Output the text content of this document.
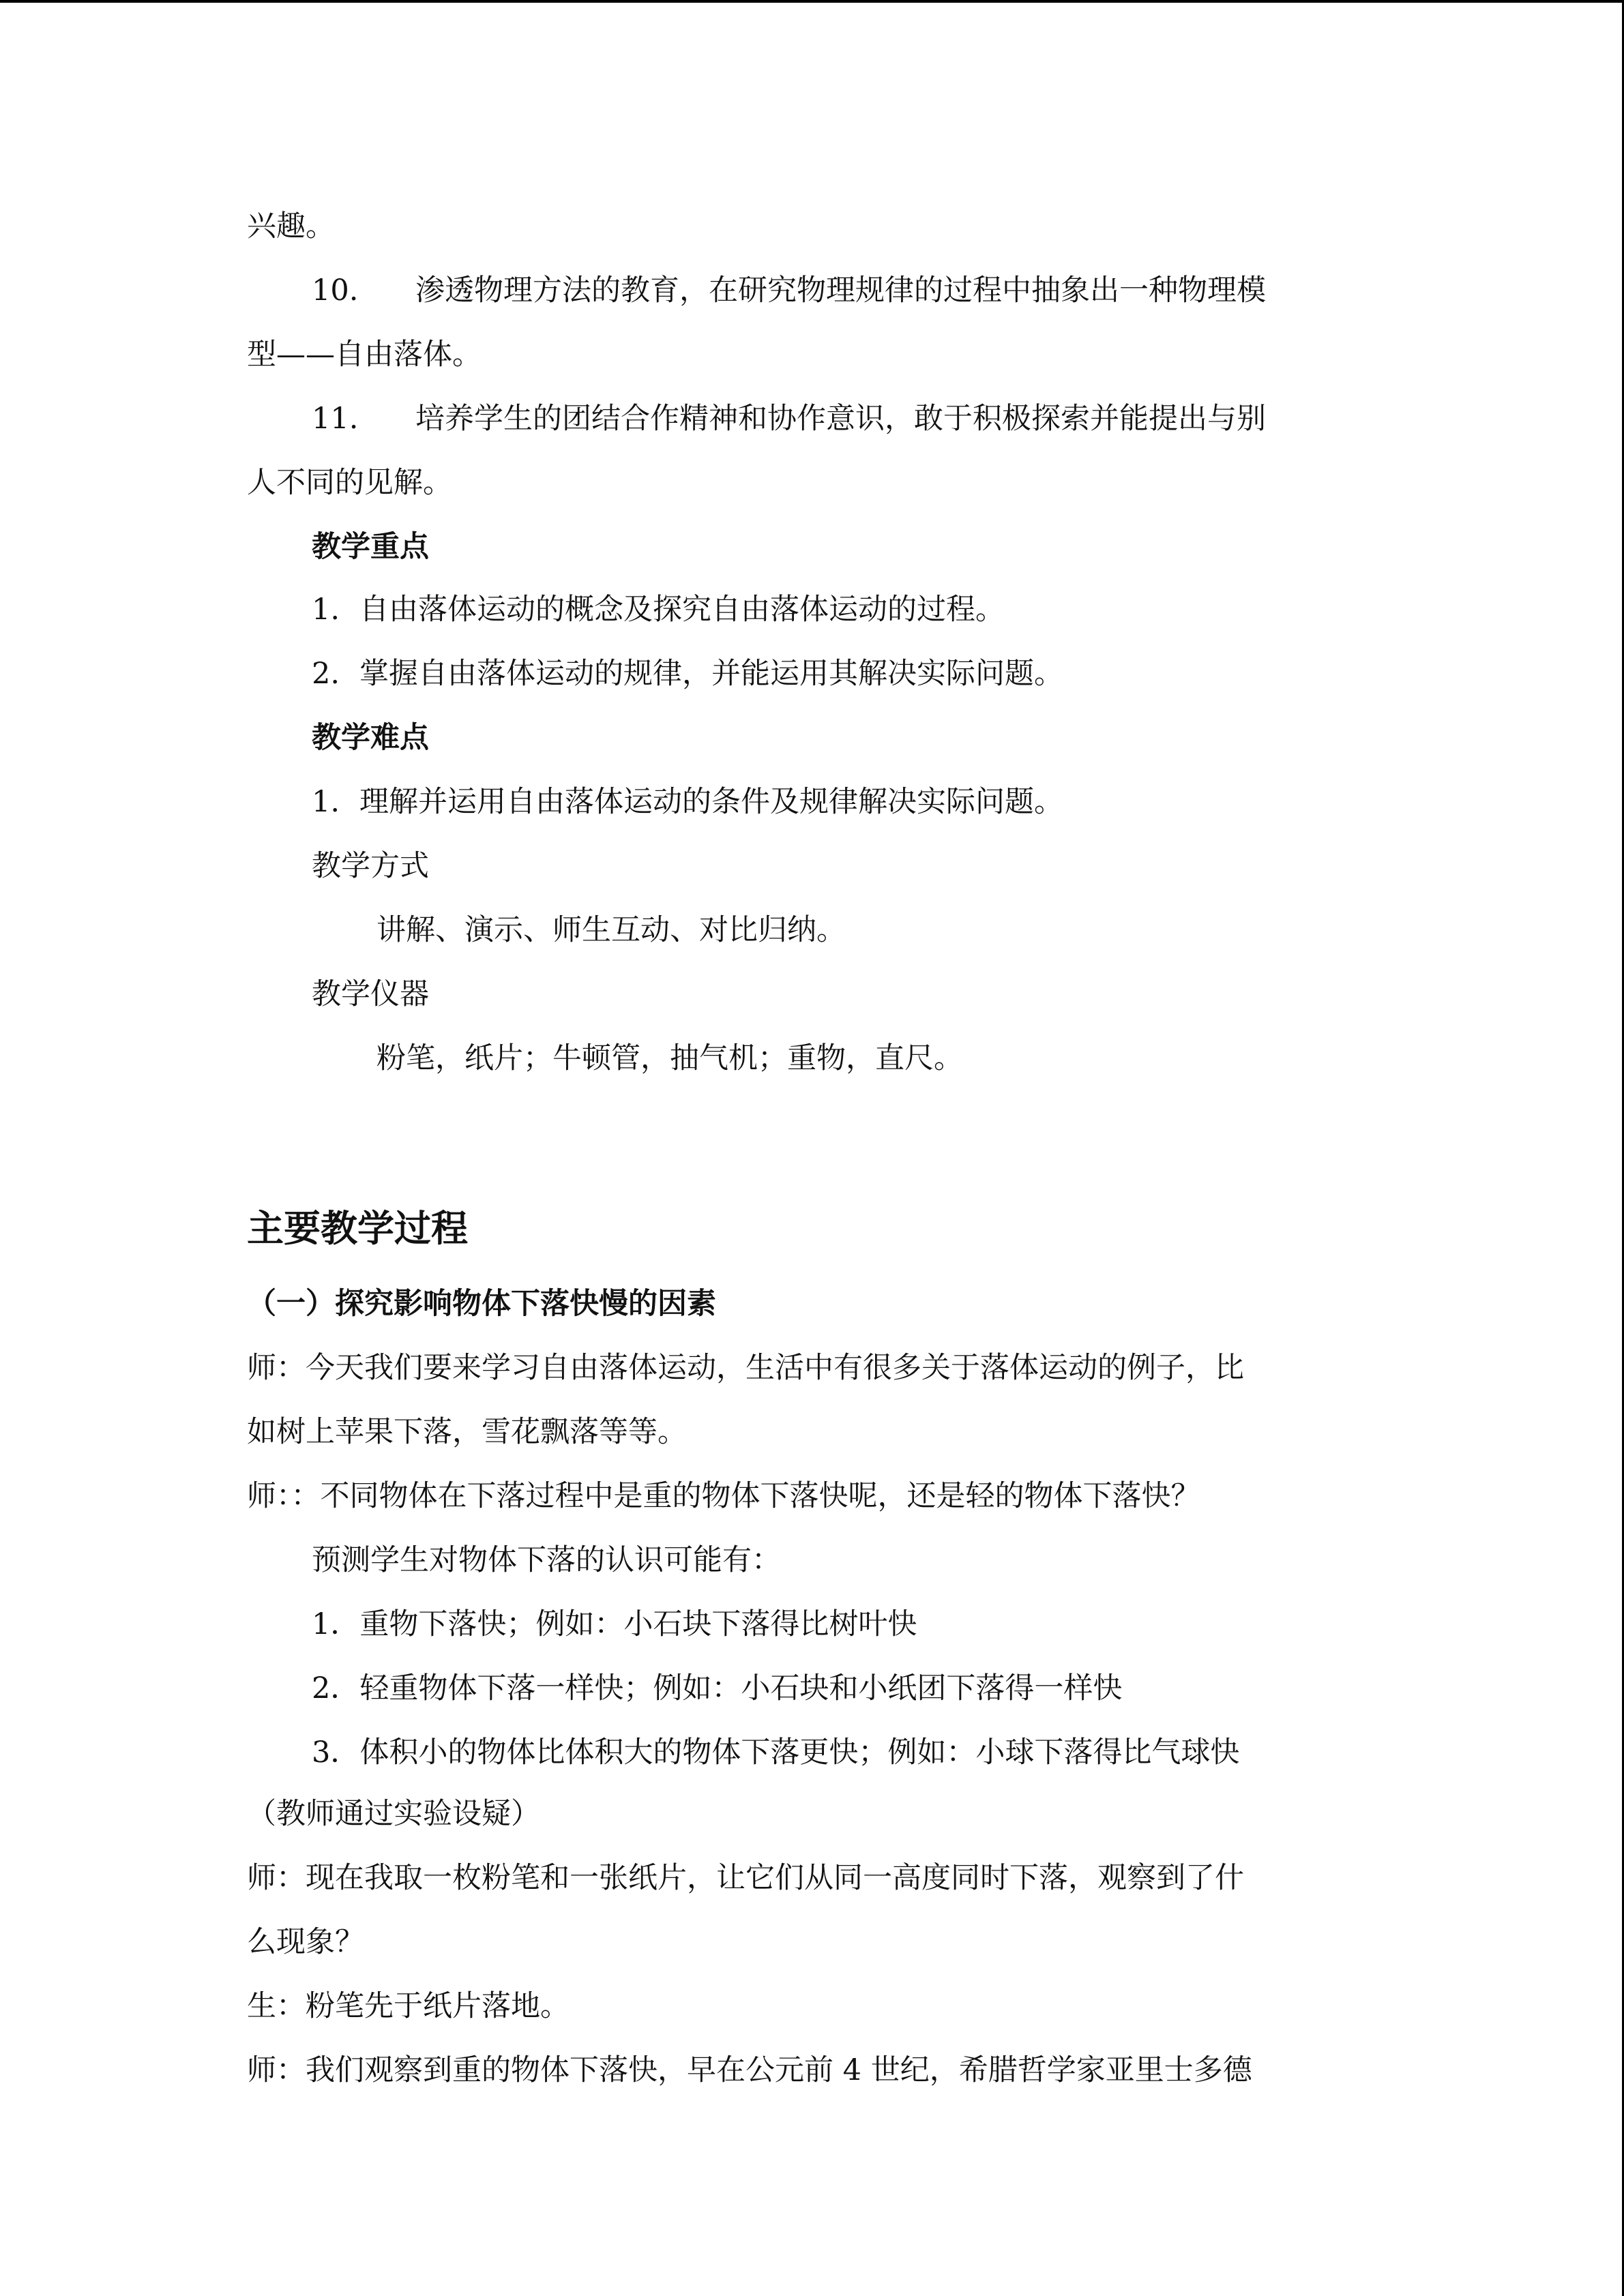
兴趣。
10. 渗透物理方法的教育，在研究物理规律的过程中抽象出一种物理模
型——自由落体。
11. 培养学生的团结合作精神和协作意识，敢于积极探索并能提出与别
人不同的见解。
教学重点
1. 自由落体运动的概念及探究自由落体运动的过程。
2. 掌握自由落体运动的规律，并能运用其解决实际问题。
教学难点
1. 理解并运用自由落体运动的条件及规律解决实际问题。
教学方式
讲解、演示、师生互动、对比归纳。
教学仪器
粉笔，纸片；牛顿管，抽气机；重物，直尺。
主要教学过程
（一）探究影响物体下落快慢的因素
师：今天我们要来学习自由落体运动，生活中有很多关于落体运动的例子，比
如树上苹果下落，雪花飘落等等。
师：：不同物体在下落过程中是重的物体下落快呢，还是轻的物体下落快？
预测学生对物体下落的认识可能有：
1．重物下落快；例如：小石块下落得比树叶快
2．轻重物体下落一样快；例如：小石块和小纸团下落得一样快
3．体积小的物体比体积大的物体下落更快；例如：小球下落得比气球快
（教师通过实验设疑）
师：现在我取一枚粉笔和一张纸片，让它们从同一高度同时下落，观察到了什
么现象？
生：粉笔先于纸片落地。
师：我们观察到重的物体下落快，早在公元前 4 世纪，希腊哲学家亚里士多德
